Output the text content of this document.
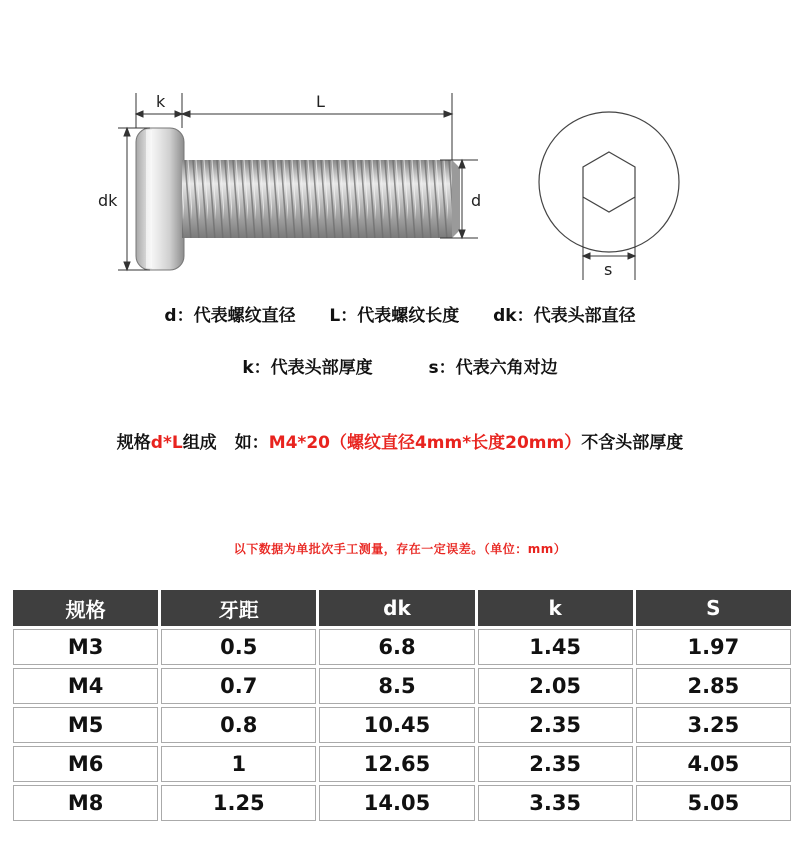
k	L
dk	d
s
d：代表螺纹直径 L：代表螺纹长度 dk：代表头部直径
k：代表头部厚度	s：代表六角对边
规格d*L组成 如：M4*20（螺纹直径4mm*长度20mm）不含头部厚度
以下数据为单批次手工测量，存在一定误差。（单位：mm）
规格	牙距	dk	k	S
M3	0.5	6.8	1.45	1.97
M4	0.7	8.5	2.05	2.85
M5	0.8	10.45	2.35	3.25
M6	1	12.65	2.35	4.05
M8	1.25	14.05	3.35	5.05
